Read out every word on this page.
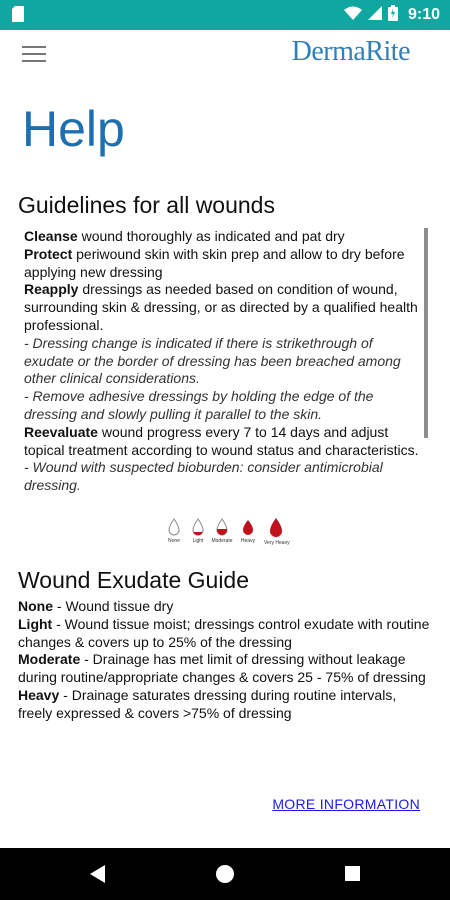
9:10
DermaRite
Help
Guidelines for all wounds

Cleanse wound thoroughly as indicated and pat dry

Protect periwound skin with skin prep and allow to dry before applying new dressing

Reapply dressings as needed based on condition of wound, surrounding skin & dressing, or as directed by a qualified health professional.

- Dressing change is indicated if there is strikethrough of exudate or the border of dressing has been breached among other clinical considerations.

- Remove adhesive dressings by holding the edge of the dressing and slowly pulling it parallel to the skin.

Reevaluate wound progress every 7 to 14 days and adjust topical treatment according to wound status and characteristics.

- Wound with suspected bioburden: consider antimicrobial dressing.

None	Light	Moderate	Heavy	Very Heavy
Wound Exudate Guide

None - Wound tissue dry

Light - Wound tissue moist; dressings control exudate with routine changes & covers up to 25% of the dressing

Moderate - Drainage has met limit of dressing without leakage during routine/appropriate changes & covers 25 - 75% of dressing

Heavy - Drainage saturates dressing during routine intervals, freely expressed & covers >75% of dressing

MORE INFORMATION
